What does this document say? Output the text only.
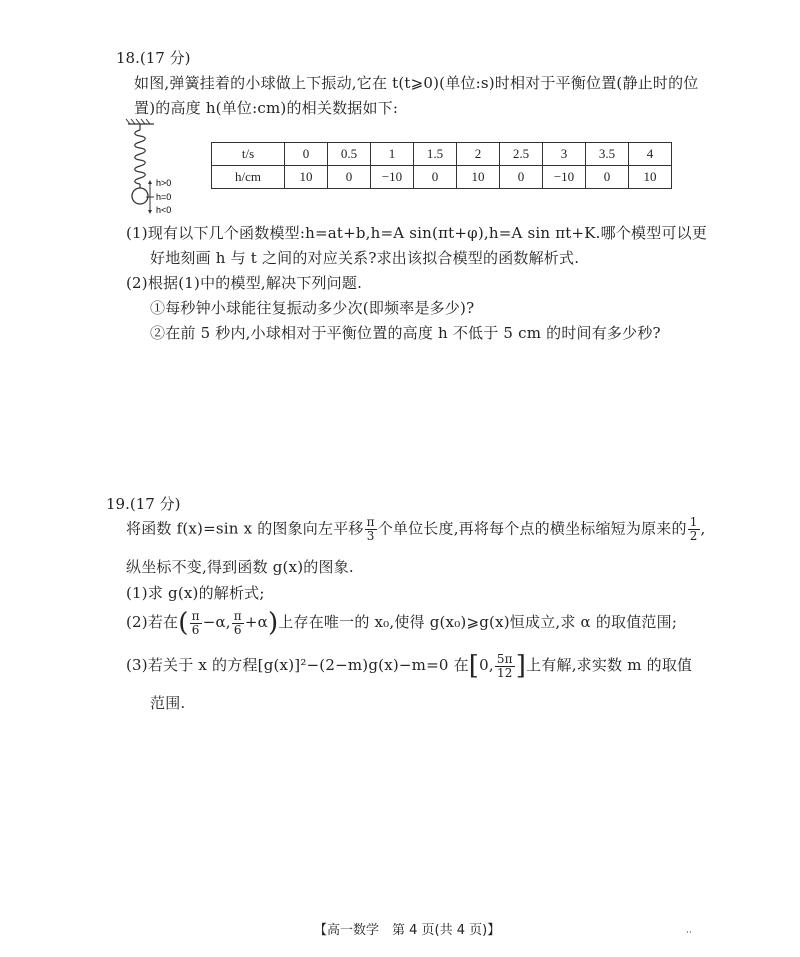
18.(17 分)
如图,弹簧挂着的小球做上下振动,它在 t(t⩾0)(单位:s)时相对于平衡位置(静止时的位
置)的高度 h(单位:cm)的相关数据如下:
h>0
h=0
h<0
t/s	0	0.5	1	1.5	2	2.5	3	3.5	4
h/cm	10	0	−10	0	10	0	−10	0	10
(1)现有以下几个函数模型:h=at+b,h=A sin(πt+φ),h=A sin πt+K.哪个模型可以更
好地刻画 h 与 t 之间的对应关系?求出该拟合模型的函数解析式.
(2)根据(1)中的模型,解决下列问题.
①每秒钟小球能往复振动多少次(即频率是多少)?
②在前 5 秒内,小球相对于平衡位置的高度 h 不低于 5 cm 的时间有多少秒?
19.(17 分)
将函数 f(x)=sin x 的图象向左平移 $\frac{\pi}{3}$ 个单位长度,再将每个点的横坐标缩短为原来的 $\frac{1}{2}$ ,
纵坐标不变,得到函数 g(x)的图象.
(1)求 g(x)的解析式;
(2)若在( $\frac{\pi}{6} -\alpha$, $\frac{\pi}{6} +\alpha$)上存在唯一的 x₀,使得 g(x₀)⩾g(x)恒成立,求 α 的取值范围;
(3)若关于 x 的方程[g(x)]²−(2−m)g(x)−m=0 在[0, $\frac{5\pi}{12}$ ]上有解,求实数 m 的取值
范围.
【高一数学　第 4 页(共 4 页)】	··
